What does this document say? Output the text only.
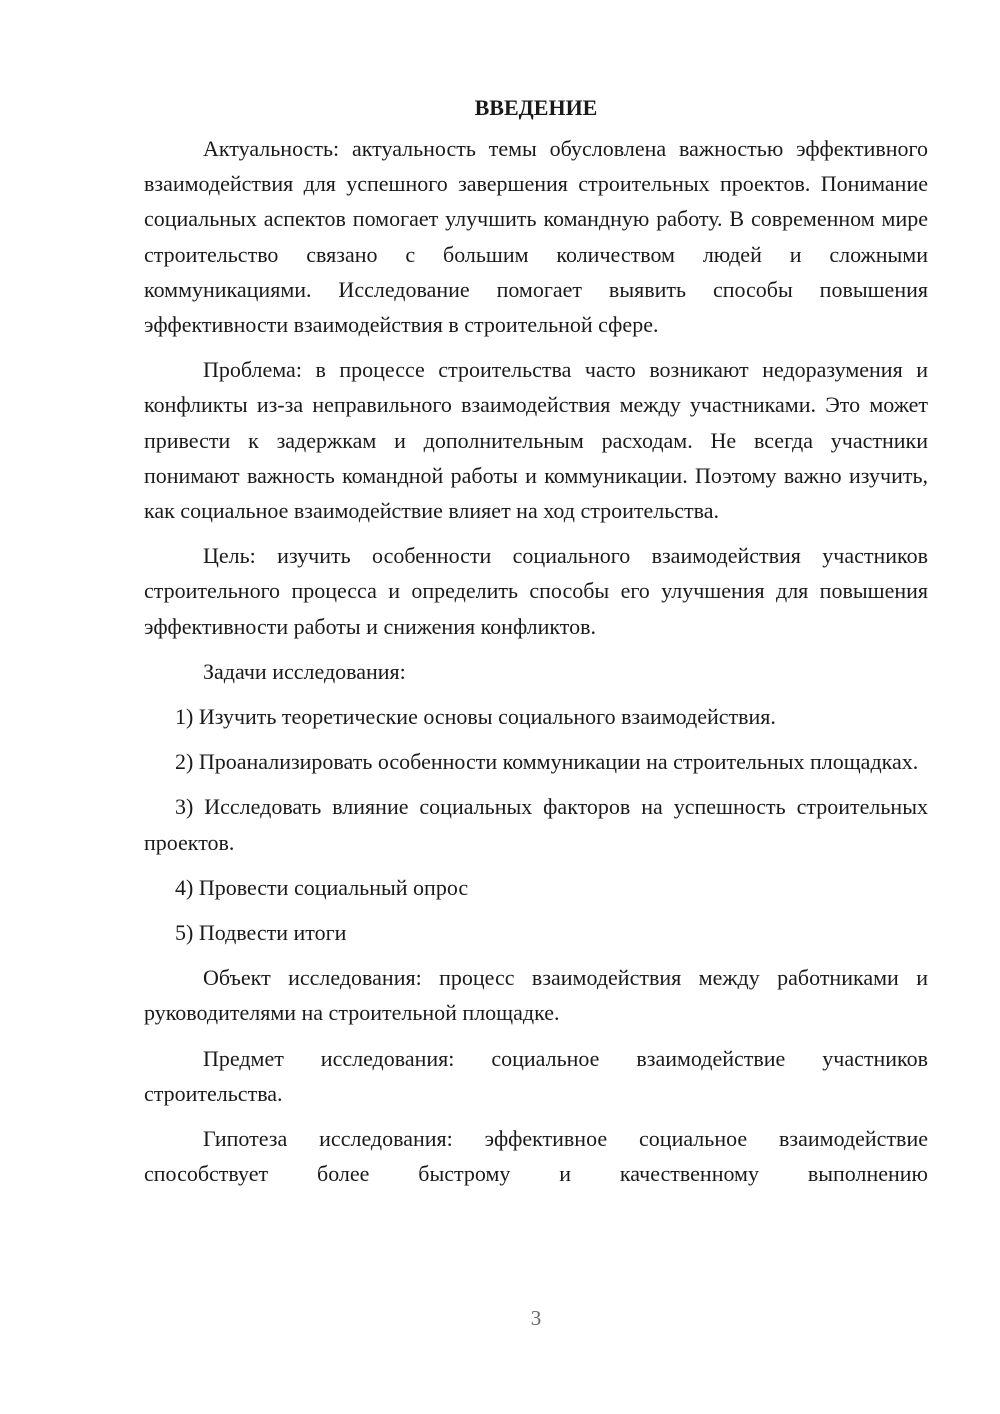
ВВЕДЕНИЕ

Актуальность: актуальность темы обусловлена важностью эффективного взаимодействия для успешного завершения строительных проектов. Понимание социальных аспектов помогает улучшить командную работу. В современном мире строительство связано с большим количеством людей и сложными коммуникациями. Исследование помогает выявить способы повышения эффективности взаимодействия в строительной сфере.

Проблема: в процессе строительства часто возникают недоразумения и конфликты из-за неправильного взаимодействия между участниками. Это может привести к задержкам и дополнительным расходам. Не всегда участники понимают важность командной работы и коммуникации. Поэтому важно изучить, как социальное взаимодействие влияет на ход строительства.

Цель: изучить особенности социального взаимодействия участников строительного процесса и определить способы его улучшения для повышения эффективности работы и снижения конфликтов.

Задачи исследования:

1) Изучить теоретические основы социального взаимодействия.

2) Проанализировать особенности коммуникации на строительных площадках.

3) Исследовать влияние социальных факторов на успешность строительных проектов.

4) Провести социальный опрос

5) Подвести итоги

Объект исследования: процесс взаимодействия между работниками и руководителями на строительной площадке.

Предмет исследования: социальное взаимодействие участников строительства.

Гипотеза исследования: эффективное социальное взаимодействие способствует более быстрому и качественному выполнению

3
